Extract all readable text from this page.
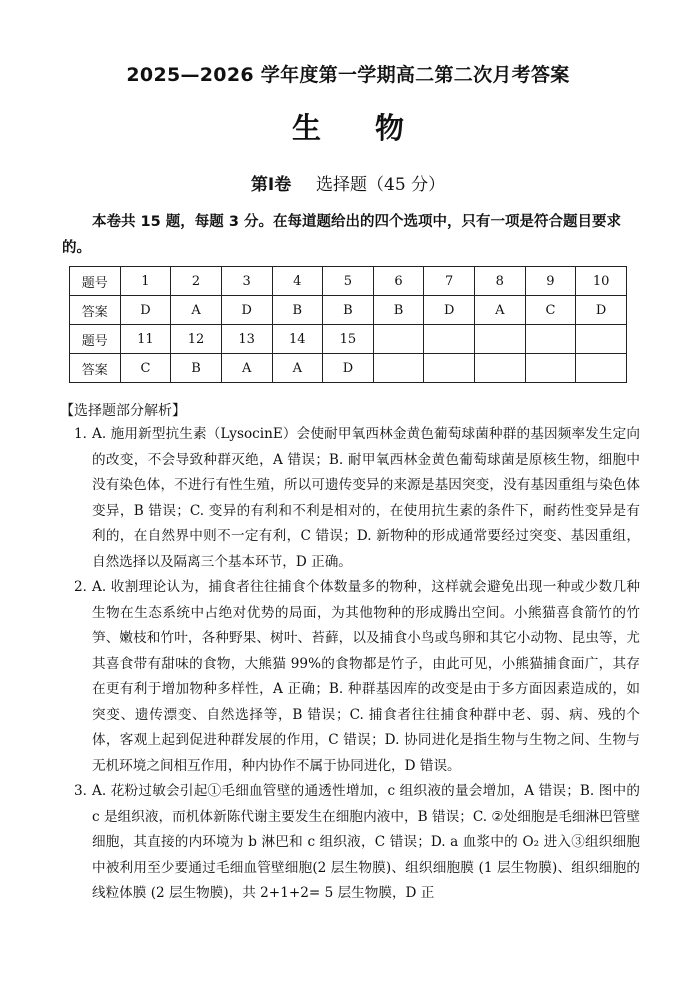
2025—2026 学年度第一学期高二第二次月考答案
生 物
第Ⅰ卷 选择题（45 分）
本卷共 15 题，每题 3 分。在每道题给出的四个选项中，只有一项是符合题目要求的。
题号	1	2	3	4	5	6	7	8	9	10
答案	D	A	D	B	B	B	D	A	C	D
题号	11	12	13	14	15					
答案	C	B	A	A	D					
【选择题部分解析】
1．
A. 施用新型抗生素（LysocinE）会使耐甲氧西林金黄色葡萄球菌种群的基因频率发生定向的改变，不会导致种群灭绝，A 错误；B. 耐甲氧西林金黄色葡萄球菌是原核生物，细胞中没有染色体，不进行有性生殖，所以可遗传变异的来源是基因突变，没有基因重组与染色体变异，B 错误；C. 变异的有利和不利是相对的，在使用抗生素的条件下，耐药性变异是有利的，在自然界中则不一定有利，C 错误；D. 新物种的形成通常要经过突变、基因重组，自然选择以及隔离三个基本环节，D 正确。
2．
A. 收割理论认为，捕食者往往捕食个体数量多的物种，这样就会避免出现一种或少数几种生物在生态系统中占绝对优势的局面，为其他物种的形成腾出空间。小熊猫喜食箭竹的竹笋、嫩枝和竹叶，各种野果、树叶、苔藓，以及捕食小鸟或鸟卵和其它小动物、昆虫等，尤其喜食带有甜味的食物，大熊猫 99%的食物都是竹子，由此可见，小熊猫捕食面广，其存在更有利于增加物种多样性，A 正确；B. 种群基因库的改变是由于多方面因素造成的，如突变、遗传漂变、自然选择等，B 错误；C. 捕食者往往捕食种群中老、弱、病、残的个体，客观上起到促进种群发展的作用，C 错误；D. 协同进化是指生物与生物之间、生物与无机环境之间相互作用，种内协作不属于协同进化，D 错误。
3．
A. 花粉过敏会引起①毛细血管壁的通透性增加，c 组织液的量会增加，A 错误；B. 图中的 c 是组织液，而机体新陈代谢主要发生在细胞内液中，B 错误；C. ②处细胞是毛细淋巴管壁细胞，其直接的内环境为 b 淋巴和 c 组织液，C 错误；D. a 血浆中的 O₂ 进入③组织细胞中被利用至少要通过毛细血管壁细胞(2 层生物膜)、组织细胞膜 (1 层生物膜)、组织细胞的线粒体膜 (2 层生物膜)，共 2+1+2= 5 层生物膜，D 正
